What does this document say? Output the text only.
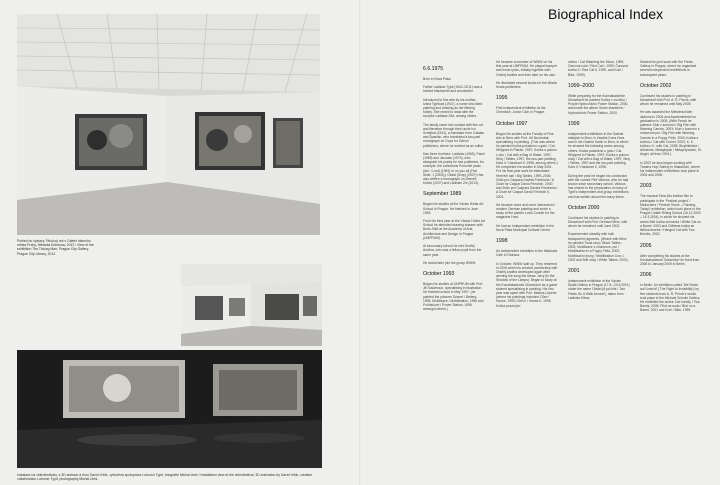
Pohled do výstavy Tělo(ca) not v Galerii hlavního města Prahy, Městská knihovna, 2012 / View of the exhibition The Ticking Man, Prague City Gallery, Prague City Library, 2012.
Instalace na videofestivalu, s 3D animací a hrou David Vrbík, vytvořená spolupráce Lubomír Typlt, fotografie Michal Ureš / Installation view at the videofestival, 3D animation by David Vrbík, creative collaboration Lubomír Typlt, photography Michal Ureš.
Biographical Index
6.6.1975

Born in Nová Paka.

Father Ladislav Typlt (1942–2011) was a trained blacksmith and woodcutter.

Introduced to fine arts by his mother, Ivana Typltová (1947), a nurse who liked painting and drawing as her lifelong hobby. She meant to draw with the sculptor Ladislav Zíta, among others.

The family came into contact with fine art and literature through their uncle Ivo Schejbal (1941), a translator from Catalan and Spanish, who translated a two-part monograph on Goya for Odeon publishers, where he worked as an editor.

Has three brothers: Ladislav (1969), Pavel (1969) and Jaroslav (1973), who alongside his poetry he has published, for example, the collections Poruchel panic (Anl. / Lost) (1994) or on you all (Flat Suite, J (2003)), Oskal (Gray) (2007) Has also written a monograph on Zdeněk Košek (2007) and Ladislav Zív (2013).

September 1989

Began his studies at the Václav Hollar Art School in Prague. He finished in June 1993.

From his third year at the Václav Hollar Art School he attended drawing classes with Boris Jirků at the Academy of Arts, Architecture and Design in Prague (UMPRUM).

At secondary school he met Ondřej Anděra, who was a fellow pupil from the same year.

He would later join the group WWW.

October 1993

Began his studies at UMPRUM with Prof. Jiří Salamoun, specialising in illustration. He finished school in May 1997, (he painted the pictures Sonnet / Bettery, 1995; Mobilizace / Mobilisation, 1996 and Počítačové / Power Station, 1996 amongst others.)

He became a member of WWW on his first year at UMPRUM. He played trumpet and wrote lyrics, initially together with Ondřej Anděra and then later on his own.

He illustrated several books for the Mladá fronta publishers.

1995

First independent exhibition at the Chemicke, Junior Club in Prague.

October 1997

Began his studies at the Faculty of Fine Arts in Brno with Prof. Ulf Nechvátal, specialising in painting. (This was where he painted Kočka pokaženo u gatu / Cat Whipped in Plastic, 1997; Kočka s pokrou v uhu / Cat with a Bag of Water, 1997; Stroj / Tables, 1997, the two-part painting Kára II / Handcart II, 1998, among others.) He completed his studies in May 2001. For his final year work he elaborated Hněvivé ústí / Big Tables, 1999–2000; Zrdlo pro Caspara Davida Friedricha / A Chair for Caspar David Friedrich, 2000 and Zrdlo pro Caspara Davida Friedricha / A Chair for Caspar David Friedrich II, 2001.

He became more and more interested in modern German painting and wrote a study of the painter Lovis Corinth for the magazine Host.

He had an independent exhibition in the Nová Paka Municipal Cultural Centre.

1998

An independent exhibition in the Mladosta Cafe in Ostrava.

In October, WWW split up. They reformed in 2006 when his creative partnership with Ondřej Anděra developed again after winning the song the Ideas: Jerry (in the Shadow of the Lamps). Began to study at the Kunstakademie Düsseldorf as a guest student specialising in painting. His first year was spent with Prof. Markus Lüpertz (where his paintings included: Dům / House, 1999; Dům II / House II, 1999; Kočka pozorující

mélnú / Cat Watching the Moon, 1999; Čarovná ruže / Red Cat I, 1999; Čarovná kočka II / Red Cat II, 1999, and Kočí / Bike, 1999).

1999–2000

While preparing for the Kunstakademie Düsseldorf he painted Kočka v vozíčku / Purple Hydrochloric Power Station, 2000, and made the album Sedm stavebník / Hydrochloric Power Station, 2000.

1999

Independent exhibitions in the Galerie mladých in Brno, in Hradek Kuna Hora and in the Galerie Karlin in Brno, in which he showed the following works among others: Kočka pokaženo u gatu / Cat Whipped in Plastic, 1997; Kočka s pokrou vody / Cat with a Bag of Water, 1997; Stroj / Tables, 1997 and the two-part painting Kára II / Handcart II, 1998.

During the year he began his connection with the curator Petr Vaňous, who he had known since secondary school. Vaňous has shared in the preparation of many of Typlt's independent and group exhibitions and has written about him many times.

October 2000

Continued his studies in painting in Düsseldorf with Prof. Gerhard Merz, with whom he remained until June 2002.

Experimented steadily with half-transparent pigments. (Where with Merz he painted Tomá struj / Black Tables, 2002; Mobilizace s mokonum. pul / Mobilisation in a Puppy Field, 2002; Mobilizační rpuny / Mobilisation Crux I, 2002 and Bílé stoly / White Tables, 2002).

2001

Independent exhibition in the Václav Špála Gallery in Prague (17.5.–20.6.2001) under the name Obidel jä pol bits / Two Fields Go It Walk Around'), taken from Ladislav Klima.

Started his joint work with the Freiss Gallery in Prague, where he organised several independent exhibitions in subsequent years.

October 2002

Continued his studies in painting in Düsseldorf with Prof. A. R. Penck, with whom he remained until May 2005.

He was awarded the Meisterschüler diploma in 2004 and Akademiebrief on graduation in 2005. (With Penck he painted: Klub z komorní / Big Fish with Warning Carrots, 2003; Klub z komorní s mokonum pul / Big Fish with Warning Carrots in a Puppy Field, 2003; Kočka s kočkou / Cat with Comet, 2003; K. K. kočka u K. with Cat, 2005; Bicyklistická / Alchemie, Metaphysik / Metaphysician, St. Angel, all from 2004.)

In 2002 he also began working with Traders Hop Gallery in Maastricht, where his independent exhibitions took place in 2004 and 2008.

2003

The musical Kára (his instinct film to participate in the 'Festival project' / Metlochers / Pertinel Tense – Painting Today') exhibition, which took place in the Prague Castle Riding School (16.12.2003 – 14.3.2004), in which he showed his works Bílé kočka zuhoenia / White Cat on a Barrel, 2003 and Oblitená kočka se tlelima tenebe / Hanged Cat with Two Bombs, 2002.

2005

After completing his studies at the Kunstakademie Düsseldorf he lived from 2006 to January 2009 in Berlin.

2006

In Berlin. An exhibition called 'Die Recht auf Unsicht' ('The Right to Invisibility') by five students from A. R. Penck's studio took place in the Michael Schultz Gallery. He exhibited the works: Der Inesity / Two Bands, 2006; Pilot na suda / Bird on a Barrel, 2001 and Kočí / Bike, 1999.
